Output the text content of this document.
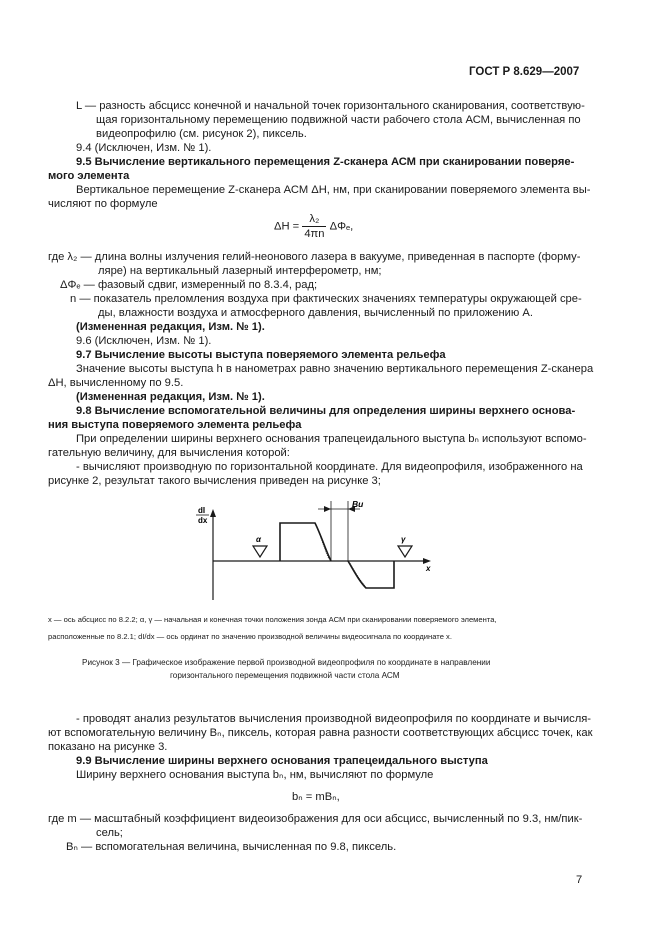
ГОСТ Р 8.629—2007
L — разность абсцисс конечной и начальной точек горизонтального сканирования, соответствую-
щая горизонтальному перемещению подвижной части рабочего стола АСМ, вычисленная по
видеопрофилю (см. рисунок 2), пиксель.
9.4 (Исключен, Изм. № 1).
9.5 Вычисление вертикального перемещения Z-сканера АСМ при сканировании поверяе-
мого элемента
Вертикальное перемещение Z-сканера АСМ ΔH, нм, при сканировании поверяемого элемента вы-
числяют по формуле
$\Delta H = \frac{\text{λ₂}}{4\pi n} \Delta\Phi_e$,
где λ₂ — длина волны излучения гелий-неонового лазера в вакууме, приведенная в паспорте (форму-
ляре) на вертикальный лазерный интерферометр, нм;
ΔΦₑ — фазовый сдвиг, измеренный по 8.3.4, рад;
n — показатель преломления воздуха при фактических значениях температуры окружающей сре-
ды, влажности воздуха и атмосферного давления, вычисленный по приложению А.
(Измененная редакция, Изм. № 1).
9.6 (Исключен, Изм. № 1).
9.7 Вычисление высоты выступа поверяемого элемента рельефа
Значение высоты выступа h в нанометрах равно значению вертикального перемещения Z-сканера
ΔH, вычисленному по 9.5.
(Измененная редакция, Изм. № 1).
9.8 Вычисление вспомогательной величины для определения ширины верхнего основа-
ния выступа поверяемого элемента рельефа
При определении ширины верхнего основания трапецеидального выступа bₙ используют вспомо-
гательную величину, для вычисления которой:
- вычисляют производную по горизонтальной координате. Для видеопрофиля, изображенного на
рисунке 2, результат такого вычисления приведен на рисунке 3;
dI
dx
x
α	γ
Bи
x — ось абсцисс по 8.2.2; α, γ — начальная и конечная точки положения зонда АСМ при сканировании поверяемого элемента,
расположенные по 8.2.1; dI/dx — ось ординат по значению производной величины видеосигнала по координате x.
Рисунок 3 — Графическое изображение первой производной видеопрофиля по координате в направлении
горизонтального перемещения подвижной части стола АСМ
- проводят анализ результатов вычисления производной видеопрофиля по координате и вычисля-
ют вспомогательную величину Bₙ, пиксель, которая равна разности соответствующих абсцисс точек, как
показано на рисунке 3.
9.9 Вычисление ширины верхнего основания трапецеидального выступа
Ширину верхнего основания выступа bₙ, нм, вычисляют по формуле
bₙ = mBₙ,
где m — масштабный коэффициент видеоизображения для оси абсцисс, вычисленный по 9.3, нм/пик-
сель;
Bₙ — вспомогательная величина, вычисленная по 9.8, пиксель.
7
